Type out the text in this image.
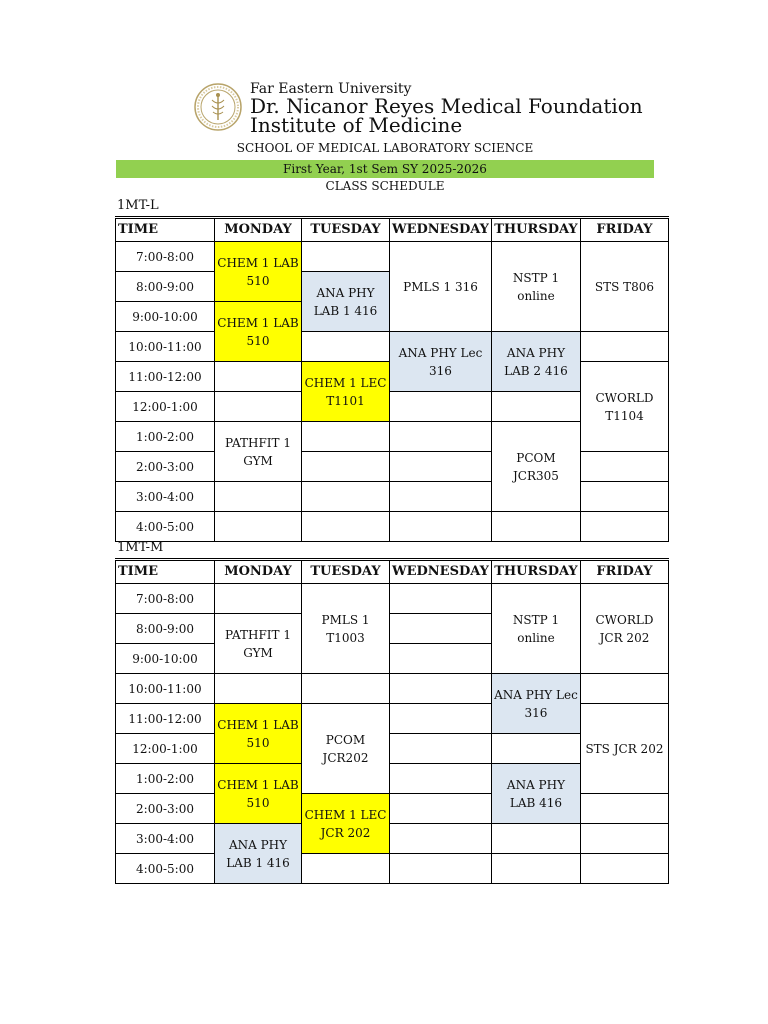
Far Eastern University
Dr. Nicanor Reyes Medical Foundation
Institute of Medicine
SCHOOL OF MEDICAL LABORATORY SCIENCE
First Year, 1st Sem SY 2025-2026
CLASS SCHEDULE
1MT-L
TIME	MONDAY	TUESDAY	WEDNESDAY	THURSDAY	FRIDAY
7:00-8:00	CHEM 1 LAB 510		PMLS 1 316	NSTP 1 online	STS T806
8:00-9:00		ANA PHY LAB 1 416			
9:00-10:00	CHEM 1 LAB 510				
10:00-11:00			ANA PHY Lec 316	ANA PHY LAB 2 416	
11:00-12:00		CHEM 1 LEC T1101			CWORLD T1104
12:00-1:00					
1:00-2:00	PATHFIT 1 GYM			PCOM JCR305	
2:00-3:00					
3:00-4:00					
4:00-5:00					
1MT-M
TIME	MONDAY	TUESDAY	WEDNESDAY	THURSDAY	FRIDAY
7:00-8:00		PMLS 1 T1003		NSTP 1 online	CWORLD JCR 202
8:00-9:00	PATHFIT 1 GYM				
9:00-10:00					
10:00-11:00				ANA PHY Lec 316	
11:00-12:00	CHEM 1 LAB 510	PCOM JCR202			STS JCR 202
12:00-1:00					
1:00-2:00	CHEM 1 LAB 510			ANA PHY LAB 416	
2:00-3:00		CHEM 1 LEC JCR 202			
3:00-4:00	ANA PHY LAB 1 416				
4:00-5:00					
